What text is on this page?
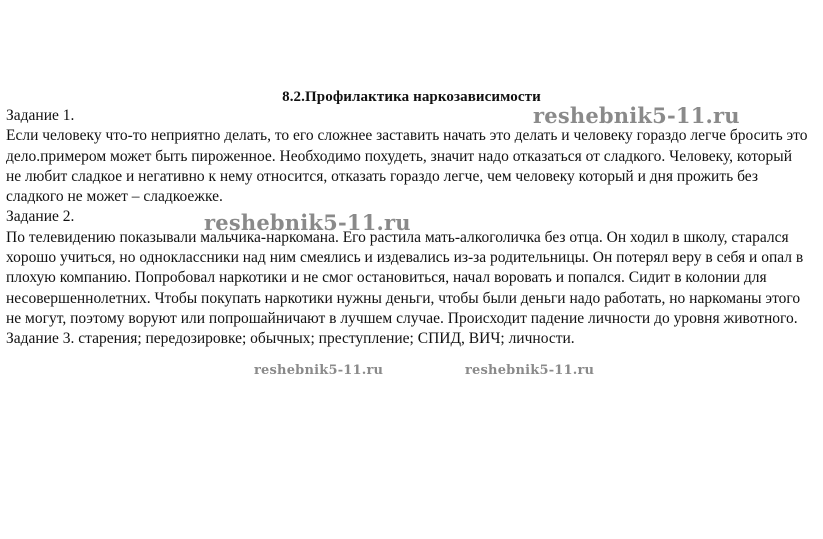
8.2.Профилактика наркозависимости

Задание 1.

Если человеку что-то неприятно делать, то его сложнее заставить начать это делать и человеку гораздо легче бросить это дело.примером может быть пироженное. Необходимо похудеть, значит надо отказаться от сладкого. Человеку, который не любит сладкое и негативно к нему относится, отказать гораздо легче, чем человеку который и дня прожить без сладкого не может – сладкоежке.

Задание 2.

По телевидению показывали мальчика-наркомана. Его растила мать-алкоголичка без отца. Он ходил в школу, старался хорошо учиться, но одноклассники над ним смеялись и издевались из-за родительницы. Он потерял веру в себя и опал в плохую компанию. Попробовал наркотики и не смог остановиться, начал воровать и попался. Сидит в колонии для несовершеннолетних. Чтобы покупать наркотики нужны деньги, чтобы были деньги надо работать, но наркоманы этого не могут, поэтому воруют или попрошайничают в лучшем случае. Происходит падение личности до уровня животного.

Задание 3. старения; передозировке; обычных; преступление; СПИД, ВИЧ; личности.

reshebnik5-11.ru
reshebnik5-11.ru
reshebnik5-11.ru	reshebnik5-11.ru
